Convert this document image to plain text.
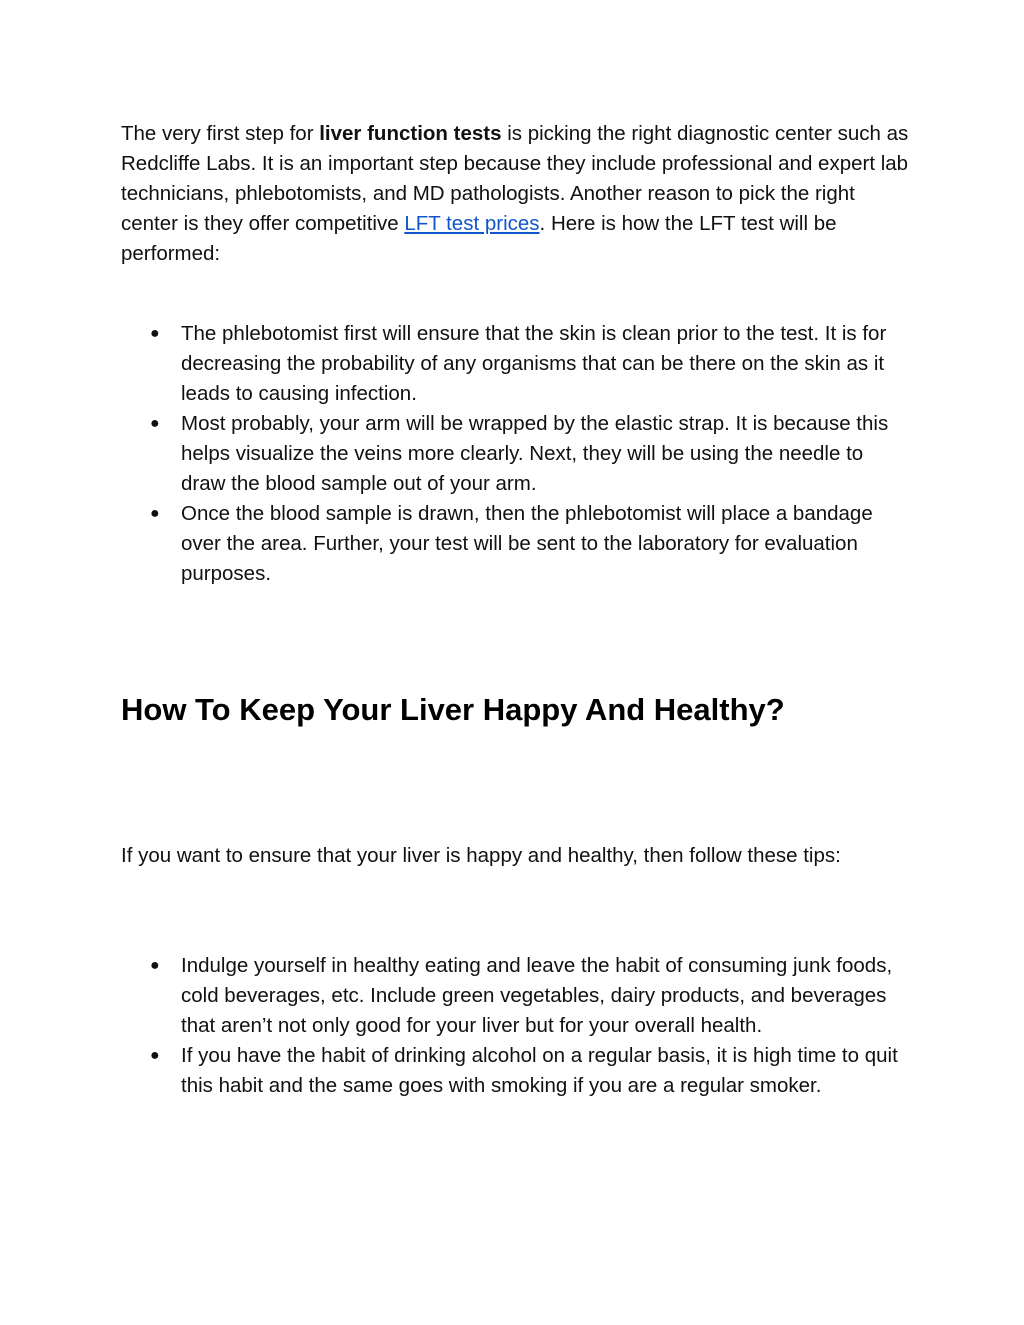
The very first step for liver function tests is picking the right diagnostic center such as Redcliffe Labs. It is an important step because they include professional and expert lab technicians, phlebotomists, and MD pathologists. Another reason to pick the right center is they offer competitive LFT test prices. Here is how the LFT test will be performed:

● The phlebotomist first will ensure that the skin is clean prior to the test. It is for decreasing the probability of any organisms that can be there on the skin as it leads to causing infection.
● Most probably, your arm will be wrapped by the elastic strap. It is because this helps visualize the veins more clearly. Next, they will be using the needle to draw the blood sample out of your arm.
● Once the blood sample is drawn, then the phlebotomist will place a bandage over the area. Further, your test will be sent to the laboratory for evaluation purposes.
How To Keep Your Liver Happy And Healthy?

If you want to ensure that your liver is happy and healthy, then follow these tips:

● Indulge yourself in healthy eating and leave the habit of consuming junk foods, cold beverages, etc. Include green vegetables, dairy products, and beverages that aren’t not only good for your liver but for your overall health.
● If you have the habit of drinking alcohol on a regular basis, it is high time to quit this habit and the same goes with smoking if you are a regular smoker.
